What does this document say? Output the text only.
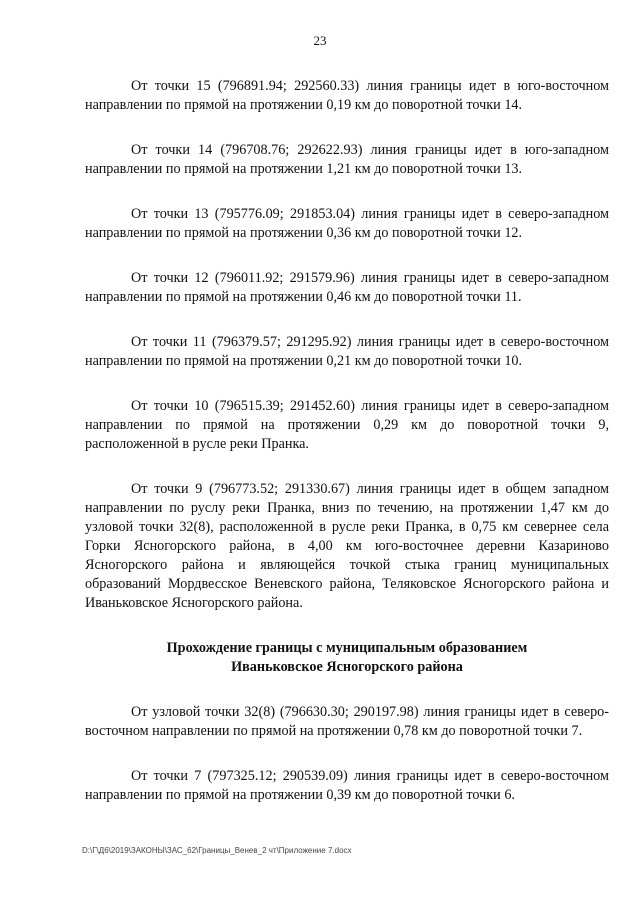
23

От точки 15 (796891.94; 292560.33) линия границы идет в юго-восточном направлении по прямой на протяжении 0,19 км до поворотной точки 14.

От точки 14 (796708.76; 292622.93) линия границы идет в юго-западном направлении по прямой на протяжении 1,21 км до поворотной точки 13.

От точки 13 (795776.09; 291853.04) линия границы идет в северо-западном направлении по прямой на протяжении 0,36 км до поворотной точки 12.

От точки 12 (796011.92; 291579.96) линия границы идет в северо-западном направлении по прямой на протяжении 0,46 км до поворотной точки 11.

От точки 11 (796379.57; 291295.92) линия границы идет в северо-восточном направлении по прямой на протяжении 0,21 км до поворотной точки 10.

От точки 10 (796515.39; 291452.60) линия границы идет в северо-западном направлении по прямой на протяжении 0,29 км до поворотной точки 9, расположенной в русле реки Пранка.

От точки 9 (796773.52; 291330.67) линия границы идет в общем западном направлении по руслу реки Пранка, вниз по течению, на протяжении 1,47 км до узловой точки 32(8), расположенной в русле реки Пранка, в 0,75 км севернее села Горки Ясногорского района, в 4,00 км юго-восточнее деревни Казариново Ясногорского района и являющейся точкой стыка границ муниципальных образований Мордвесское Веневского района, Теляковское Ясногорского района и Иваньковское Ясногорского района.

Прохождение границы с муниципальным образованием
Иваньковское Ясногорского района

От узловой точки 32(8) (796630.30; 290197.98) линия границы идет в северо-восточном направлении по прямой на протяжении 0,78 км до поворотной точки 7.

От точки 7 (797325.12; 290539.09) линия границы идет в северо-восточном направлении по прямой на протяжении 0,39 км до поворотной точки 6.

D:\Г\Д6\2019\ЗАКОНЫ\ЗАС_62\Границы_Венев_2 чт\Приложение 7.docx
